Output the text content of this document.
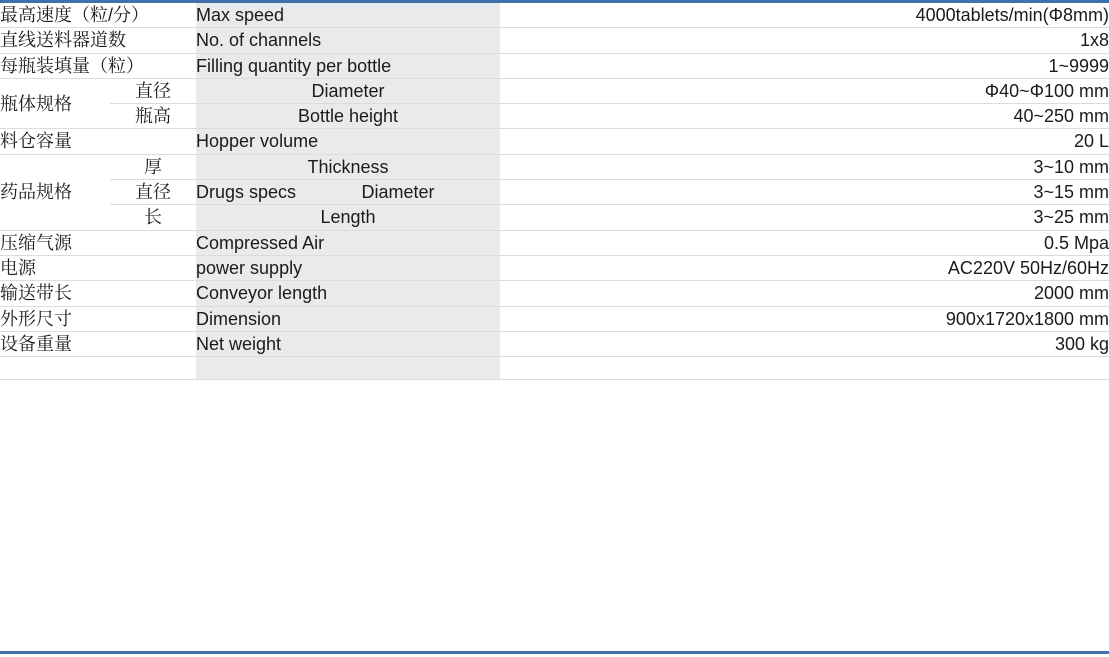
最高速度（粒/分）		Max speed	4000tablets/min(Φ8mm)
直线送料器道数		No. of channels	1x8
每瓶装填量（粒）		Filling quantity per bottle	1~9999
瓶体规格	直径	Diameter	Φ40~Φ100 mm
	瓶高	Bottle height	40~250 mm
料仓容量		Hopper volume	20 L
药品规格	厚	Thickness	3~10 mm
	直径	Drugs specs Diameter	3~15 mm
	长	Length	3~25 mm
压缩气源		Compressed Air	0.5 Mpa
电源		power supply	AC220V 50Hz/60Hz
输送带长		Conveyor length	2000 mm
外形尺寸		Dimension	900x1720x1800 mm
设备重量		Net weight	300 kg
